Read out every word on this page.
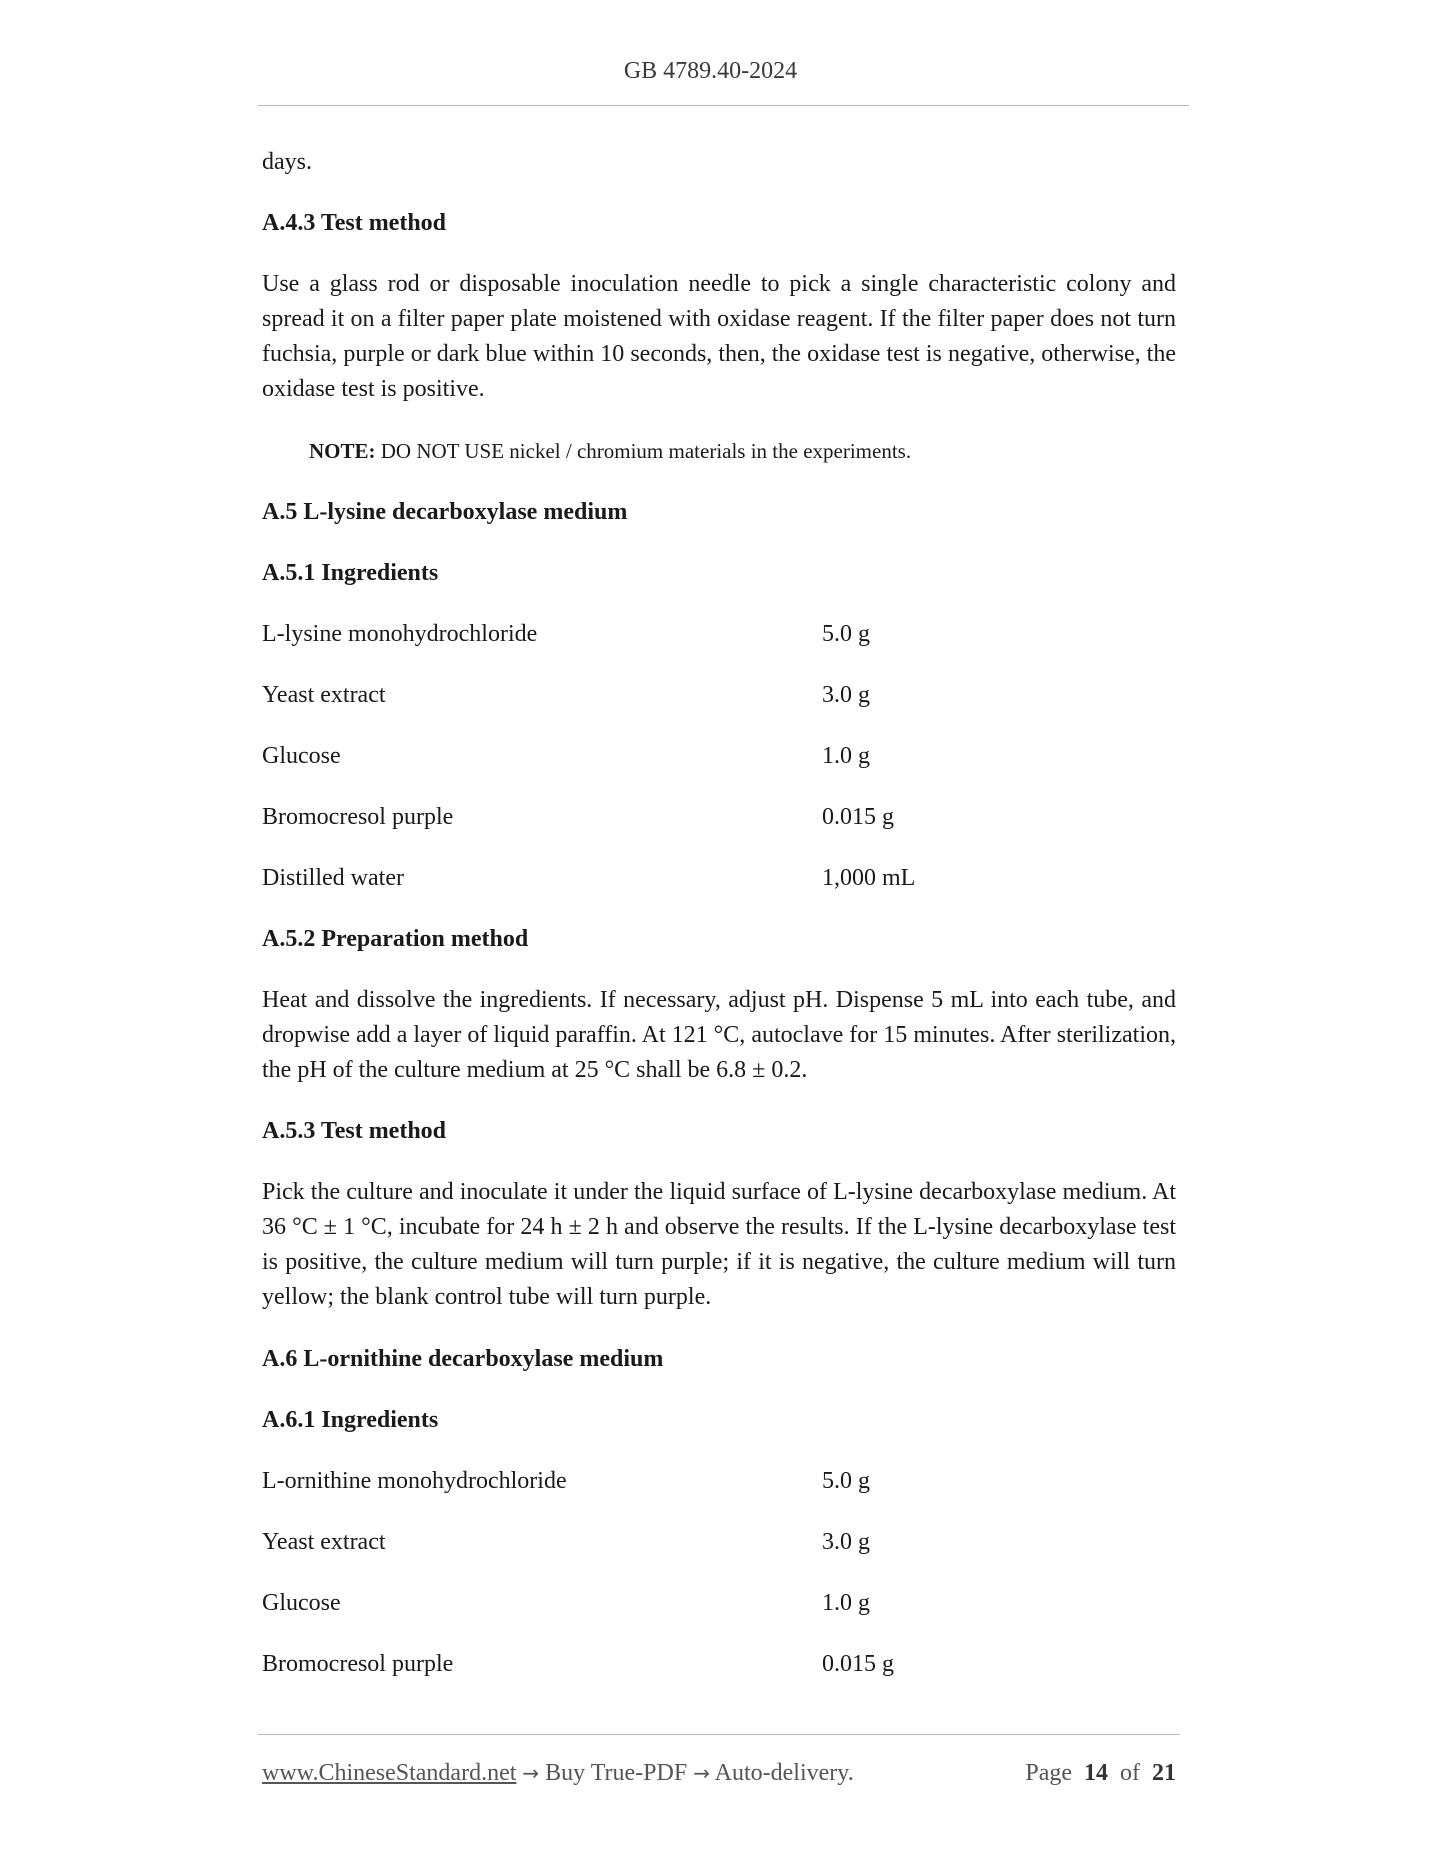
GB 4789.40-2024
days.
A.4.3 Test method
Use a glass rod or disposable inoculation needle to pick a single characteristic colony and spread it on a filter paper plate moistened with oxidase reagent. If the filter paper does not turn fuchsia, purple or dark blue within 10 seconds, then, the oxidase test is negative, otherwise, the oxidase test is positive.
NOTE: DO NOT USE nickel / chromium materials in the experiments.
A.5 L-lysine decarboxylase medium
A.5.1 Ingredients
L-lysine monohydrochloride	5.0 g
Yeast extract	3.0 g
Glucose	1.0 g
Bromocresol purple	0.015 g
Distilled water	1,000 mL
A.5.2 Preparation method
Heat and dissolve the ingredients. If necessary, adjust pH. Dispense 5 mL into each tube, and dropwise add a layer of liquid paraffin. At 121 °C, autoclave for 15 minutes. After sterilization, the pH of the culture medium at 25 °C shall be 6.8 ± 0.2.
A.5.3 Test method
Pick the culture and inoculate it under the liquid surface of L-lysine decarboxylase medium. At 36 °C ± 1 °C, incubate for 24 h ± 2 h and observe the results. If the L-lysine decarboxylase test is positive, the culture medium will turn purple; if it is negative, the culture medium will turn yellow; the blank control tube will turn purple.
A.6 L-ornithine decarboxylase medium
A.6.1 Ingredients
L-ornithine monohydrochloride	5.0 g
Yeast extract	3.0 g
Glucose	1.0 g
Bromocresol purple	0.015 g
www.ChineseStandard.net → Buy True-PDF → Auto-delivery.	Page 14 of 21
